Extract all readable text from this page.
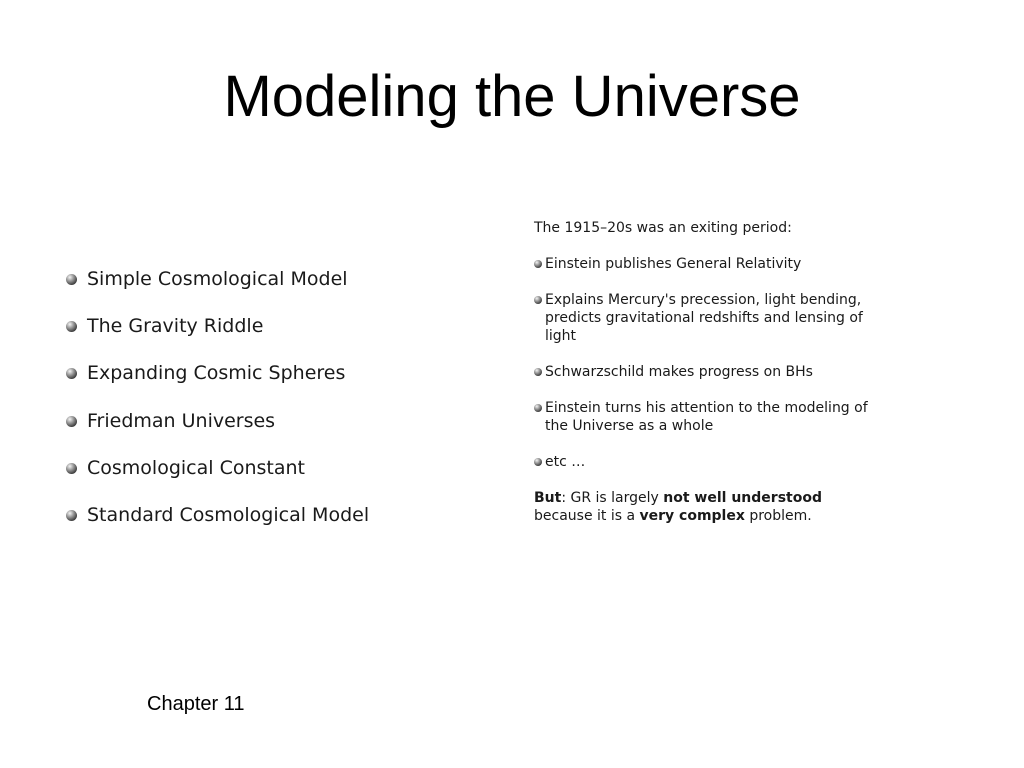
Modeling the Universe
Simple Cosmological Model
The Gravity Riddle
Expanding Cosmic Spheres
Friedman Universes
Cosmological Constant
Standard Cosmological Model

The 1915–20s was an exiting period:

Einstein publishes General Relativity
Explains Mercury's precession, light bending, predicts gravitational redshifts and lensing of light
Schwarzschild makes progress on BHs
Einstein turns his attention to the modeling of the Universe as a whole
etc …

But: GR is largely not well understood because it is a very complex problem.

Chapter 11
